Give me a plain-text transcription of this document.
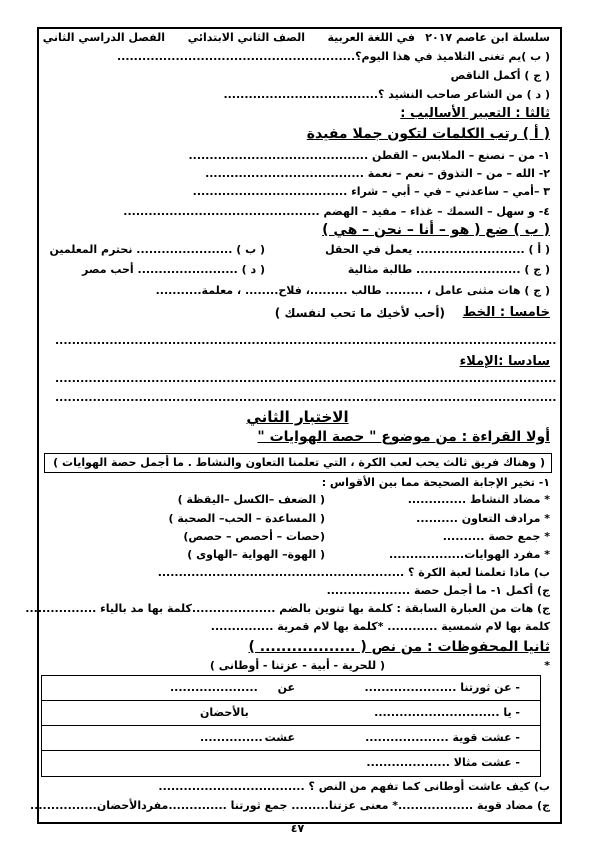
سلسلة ابن عاصم ٢٠١٧
في اللغة العربية
الصف الثاني الابتدائي
الفصل الدراسي الثاني
( ب )يم تغنى التلاميذ في هذا اليوم؟.........................................................
( ج ) أكمل الناقص
( د ) من الشاعر صاحب النشيد ؟.....................................
ثالثا : التعبير الأساليب :
( أ ) رتب الكلمات لتكون جملا مفيدة
١- من – نصنع – الملابس – القطن ...........................................
٢- الله – من – التذوق – نعم – نعمة ......................................
٣ –أمي – ساعدني – في – أبي – شراء .....................................
٤- و سهل – السمك – غذاء – مفيد – الهضم ...............................................
( ب ) ضع ( هو – أنا – نحن – هي )
( أ ) .......................... يعمل في الحقل
( ب ) ....................... نحترم المعلمين
( ج ) ......................... طالبة مثالية
( د ) ........................ أحب مصر
( ج ) هات مثنى عامل ، ......... طالب .........، فلاح........ ، معلمة...........
خامسا : الخط
(أحب لأخيك ما تحب لنفسك )
........................................................................................................................
سادسا :الإملاء
........................................................................................................................
........................................................................................................................
الاختبار الثاني
أولا القراءة : من موضوع " حصة الهوايات "
( وهناك فريق ثالث يحب لعب الكرة ، التي تعلمنا التعاون والنشاط . ما أجمل حصة الهوايات )
١- تخير الإجابة الصحيحة مما بين الأقواس :
* مضاد النشاط ..............
( الضعف –الكسل –اليقظة )
* مرادف التعاون ..........
( المساعدة – الحب– الصحبة )
* جمع حصة ..........
(حصات – أحصص – حصص)
* مفرد الهوايات..................
( الهوة– الهواية –الهاوى )
ب) ماذا تعلمنا لعبة الكرة ؟ ...........................................................
ج) أكمل ١- ما أجمل حصة ....................
ج) هات من العبارة السابقة : كلمة بها تنوين بالضم ....................كلمة بها مد بالياء .................
كلمة بها لام شمسية ............ *كلمة بها لام قمرية ...............
ثانيا المحفوظات : من نص ( .................. )
*
( للحرية - أبية - عزتنا - أوطانى )
- عن ثورتنا ......................
عن
.....................
- يا ..............................
بالأحضان
- عشت قوية ....................
عشت
...............
- عشت مثالا ....................
ب) كيف عاشت أوطانى كما تفهم من النص ؟ ...................................
ج) مضاد قوية ..................* معنى عزتنا......... جمع ثورتنا ..............مفردالأحضان................
٤٧
